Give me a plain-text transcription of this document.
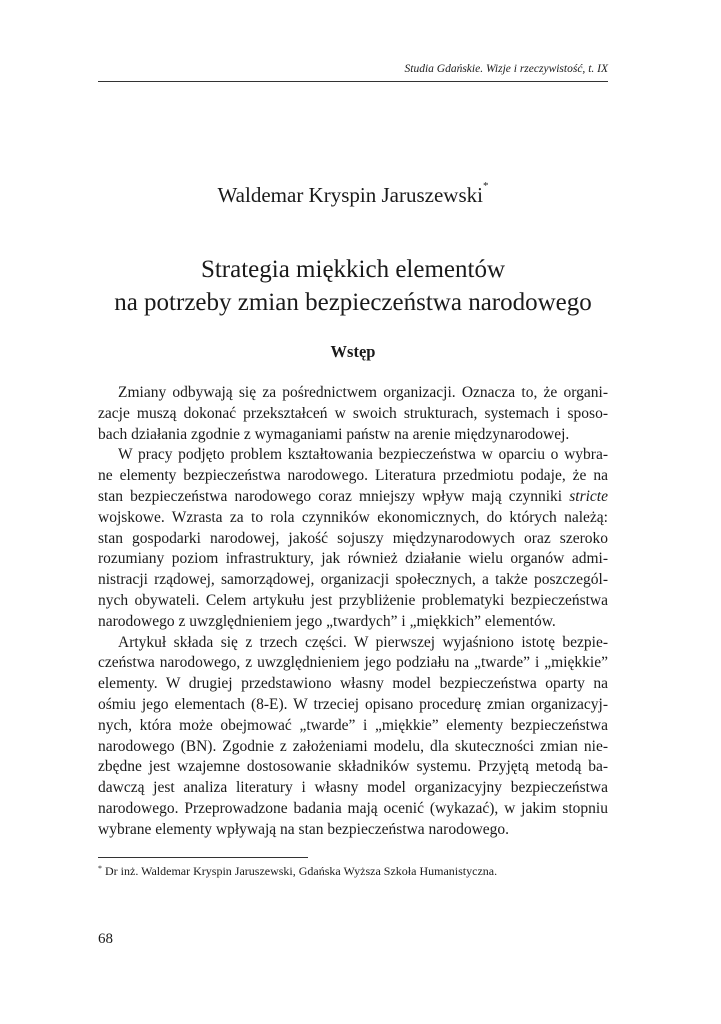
Studia Gdańskie. Wizje i rzeczywistość, t. IX
Waldemar Kryspin Jaruszewski*
Strategia miękkich elementów
na potrzeby zmian bezpieczeństwa narodowego
Wstęp
Zmiany odbywają się za pośrednictwem organizacji. Oznacza to, że organi-
zacje muszą dokonać przekształceń w swoich strukturach, systemach i sposo-
bach działania zgodnie z wymaganiami państw na arenie międzynarodowej.
W pracy podjęto problem kształtowania bezpieczeństwa w oparciu o wybra-
ne elementy bezpieczeństwa narodowego. Literatura przedmiotu podaje, że na
stan bezpieczeństwa narodowego coraz mniejszy wpływ mają czynniki stricte
wojskowe. Wzrasta za to rola czynników ekonomicznych, do których należą:
stan gospodarki narodowej, jakość sojuszy międzynarodowych oraz szeroko
rozumiany poziom infrastruktury, jak również działanie wielu organów admi-
nistracji rządowej, samorządowej, organizacji społecznych, a także poszczegól-
nych obywateli. Celem artykułu jest przybliżenie problematyki bezpieczeństwa
narodowego z uwzględnieniem jego „twardych” i „miękkich” elementów.
Artykuł składa się z trzech części. W pierwszej wyjaśniono istotę bezpie-
czeństwa narodowego, z uwzględnieniem jego podziału na „twarde” i „miękkie”
elementy. W drugiej przedstawiono własny model bezpieczeństwa oparty na
ośmiu jego elementach (8-E). W trzeciej opisano procedurę zmian organizacyj-
nych, która może obejmować „twarde” i „miękkie” elementy bezpieczeństwa
narodowego (BN). Zgodnie z założeniami modelu, dla skuteczności zmian nie-
zbędne jest wzajemne dostosowanie składników systemu. Przyjętą metodą ba-
dawczą jest analiza literatury i własny model organizacyjny bezpieczeństwa
narodowego. Przeprowadzone badania mają ocenić (wykazać), w jakim stopniu
wybrane elementy wpływają na stan bezpieczeństwa narodowego.
* Dr inż. Waldemar Kryspin Jaruszewski, Gdańska Wyższa Szkoła Humanistyczna.
68
